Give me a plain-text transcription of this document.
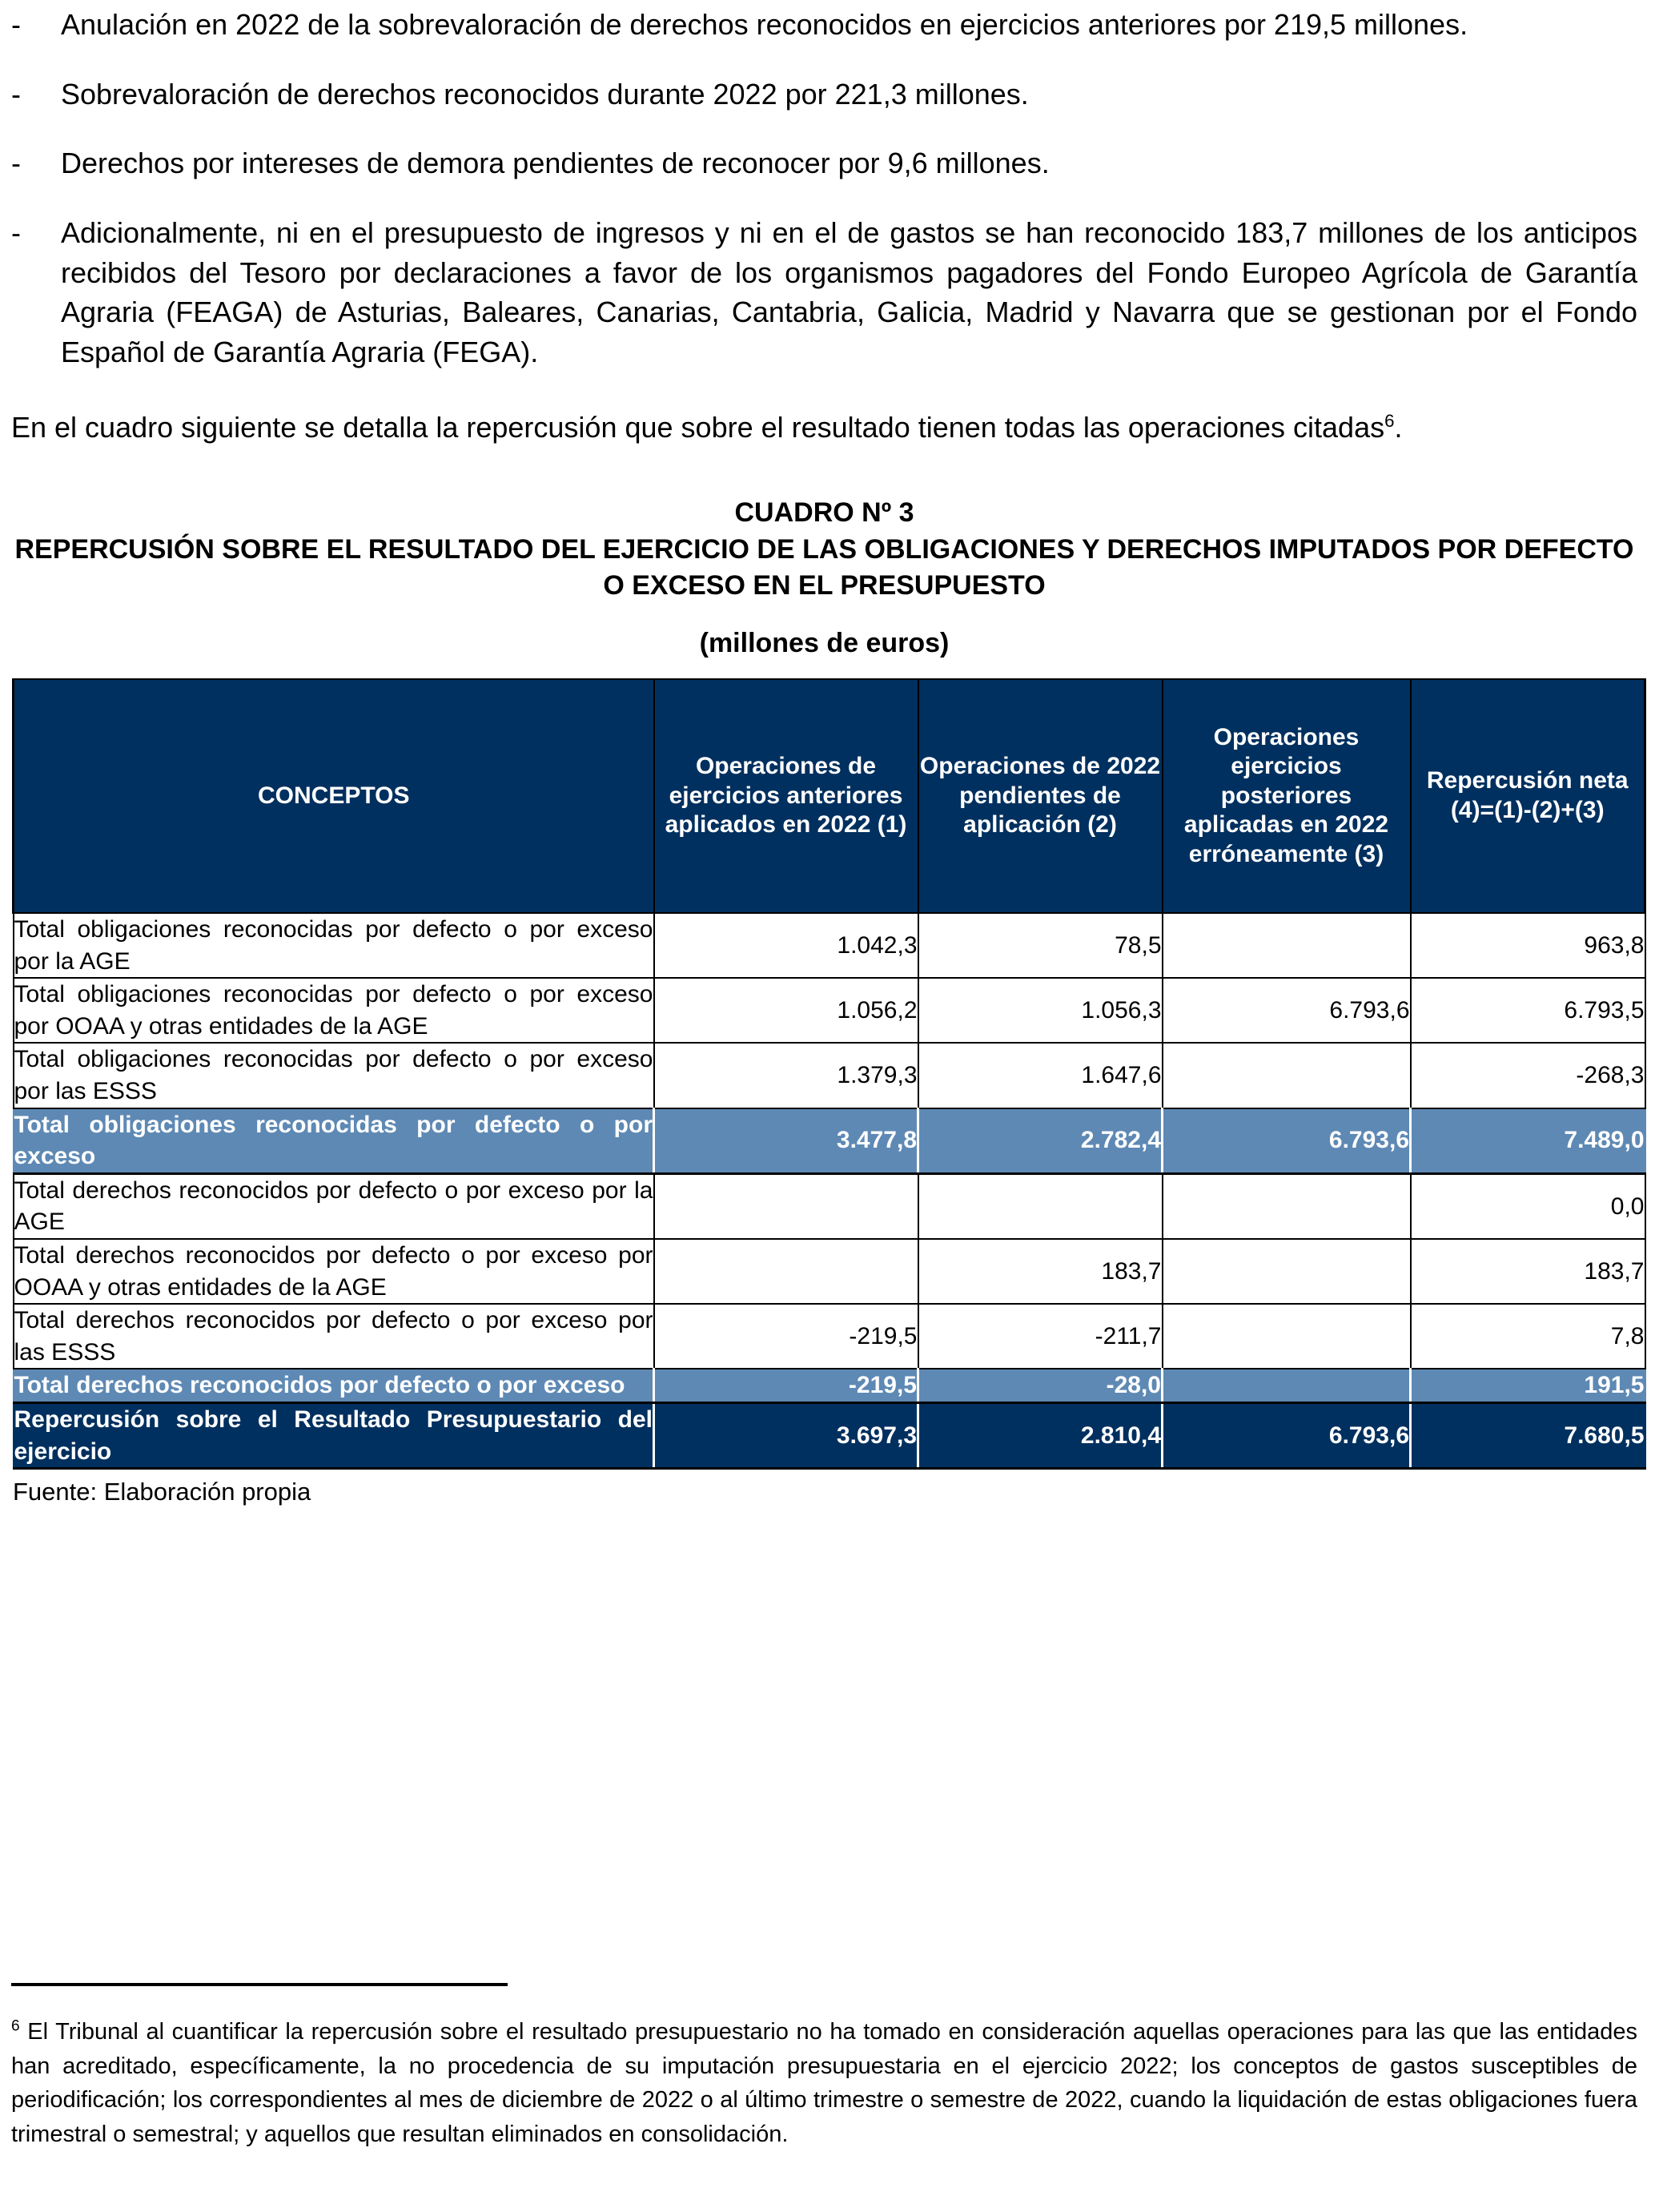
-	Anulación en 2022 de la sobrevaloración de derechos reconocidos en ejercicios anteriores por 219,5 millones.
-	Sobrevaloración de derechos reconocidos durante 2022 por 221,3 millones.
-	Derechos por intereses de demora pendientes de reconocer por 9,6 millones.
-	Adicionalmente, ni en el presupuesto de ingresos y ni en el de gastos se han reconocido 183,7 millones de los anticipos recibidos del Tesoro por declaraciones a favor de los organismos pagadores del Fondo Europeo Agrícola de Garantía Agraria (FEAGA) de Asturias, Baleares, Canarias, Cantabria, Galicia, Madrid y Navarra que se gestionan por el Fondo Español de Garantía Agraria (FEGA).

En el cuadro siguiente se detalla la repercusión que sobre el resultado tienen todas las operaciones citadas$^6$.

CUADRO Nº 3
REPERCUSIÓN SOBRE EL RESULTADO DEL EJERCICIO DE LAS OBLIGACIONES Y DERECHOS IMPUTADOS POR DEFECTO O EXCESO EN EL PRESUPUESTO
(millones de euros)
CONCEPTOS	Operaciones de ejercicios anteriores aplicados en 2022 (1)	Operaciones de 2022 pendientes de aplicación (2)	Operaciones ejercicios posteriores aplicadas en 2022 erróneamente (3)	Repercusión neta (4)=(1)-(2)+(3)
Total obligaciones reconocidas por defecto o por exceso por la AGE	1.042,3	78,5		963,8
Total obligaciones reconocidas por defecto o por exceso por OOAA y otras entidades de la AGE	1.056,2	1.056,3	6.793,6	6.793,5
Total obligaciones reconocidas por defecto o por exceso por las ESSS	1.379,3	1.647,6		-268,3
Total obligaciones reconocidas por defecto o por exceso	3.477,8	2.782,4	6.793,6	7.489,0
Total derechos reconocidos por defecto o por exceso por la AGE				0,0
Total derechos reconocidos por defecto o por exceso por OOAA y otras entidades de la AGE		183,7		183,7
Total derechos reconocidos por defecto o por exceso por las ESSS	-219,5	-211,7		7,8
Total derechos reconocidos por defecto o por exceso	-219,5	-28,0		191,5
Repercusión sobre el Resultado Presupuestario del ejercicio	3.697,3	2.810,4	6.793,6	7.680,5
Fuente: Elaboración propia
$^6$ El Tribunal al cuantificar la repercusión sobre el resultado presupuestario no ha tomado en consideración aquellas operaciones para las que las entidades han acreditado, específicamente, la no procedencia de su imputación presupuestaria en el ejercicio 2022; los conceptos de gastos susceptibles de periodificación; los correspondientes al mes de diciembre de 2022 o al último trimestre o semestre de 2022, cuando la liquidación de estas obligaciones fuera trimestral o semestral; y aquellos que resultan eliminados en consolidación.
